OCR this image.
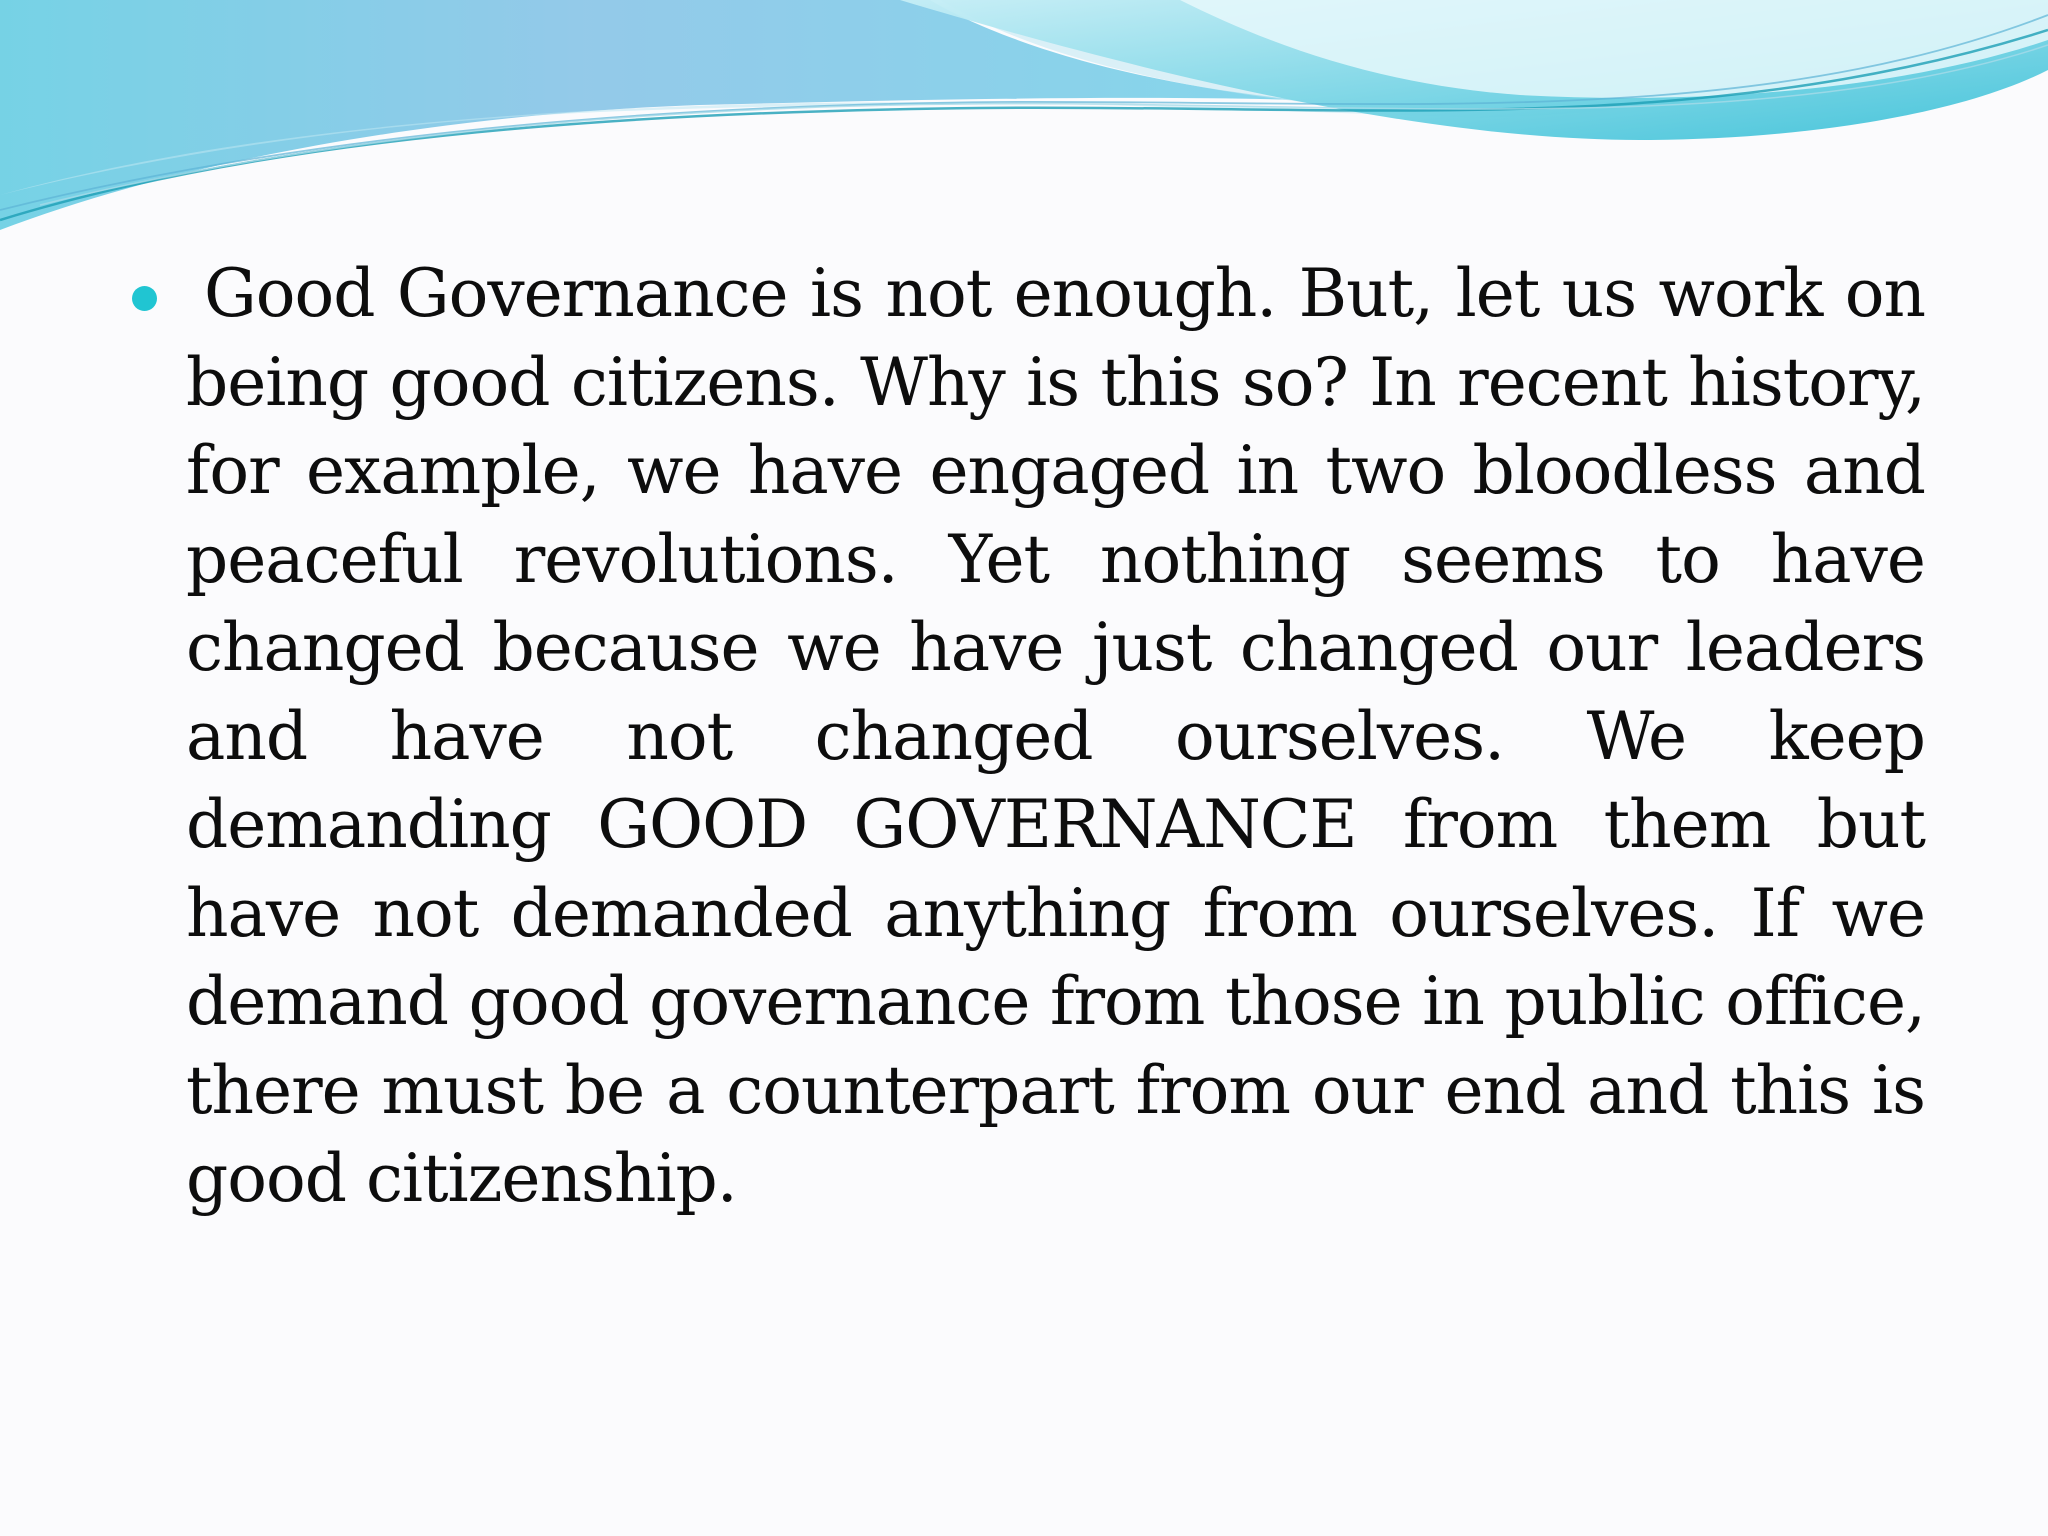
Good Governance is not enough. But, let us work on being good citizens. Why is this so? In recent history, for example, we have engaged in two bloodless and peaceful revolutions. Yet nothing seems to have changed because we have just changed our leaders and have not changed ourselves. We keep demanding GOOD GOVERNANCE from them but have not demanded anything from ourselves. If we demand good governance from those in public office, there must be a counterpart from our end and this is good citizenship.
